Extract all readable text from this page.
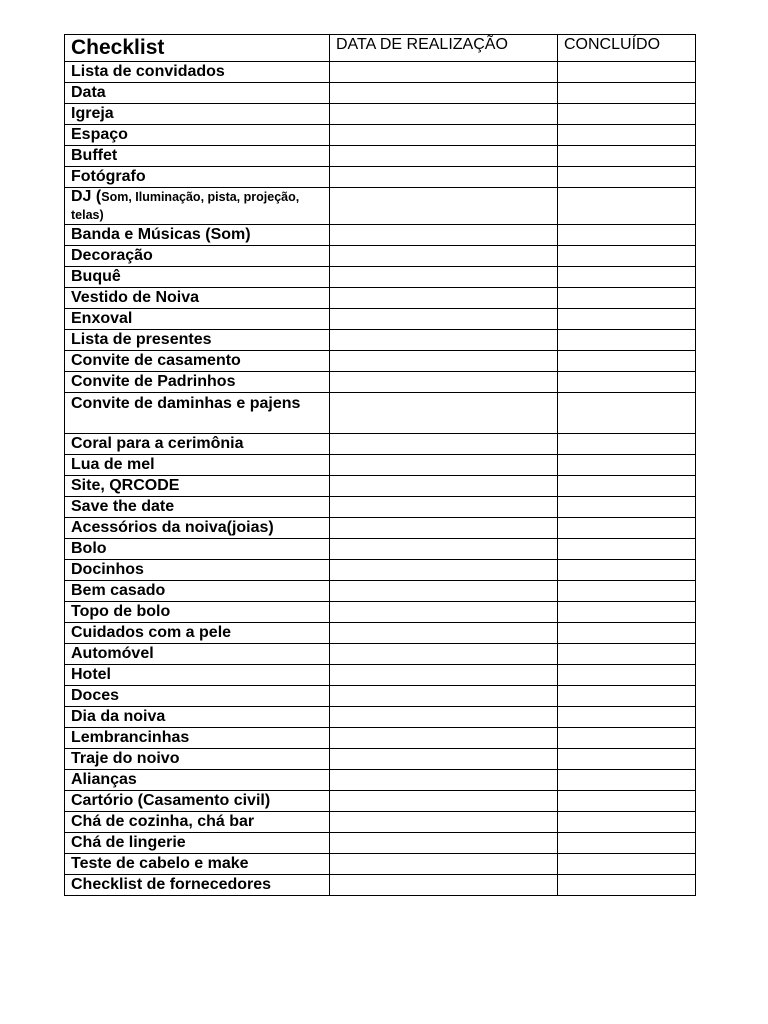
Checklist	DATA DE REALIZAÇÃO	CONCLUÍDO
Lista de convidados		
Data		
Igreja		
Espaço		
Buffet		
Fotógrafo		
DJ (Som, Iluminação, pista, projeção, telas)		
Banda e Músicas (Som)		
Decoração		
Buquê		
Vestido de Noiva		
Enxoval		
Lista de presentes		
Convite de casamento		
Convite de Padrinhos		
Convite de daminhas e pajens		
Coral para a cerimônia		
Lua de mel		
Site, QRCODE		
Save the date		
Acessórios da noiva(joias)		
Bolo		
Docinhos		
Bem casado		
Topo de bolo		
Cuidados com a pele		
Automóvel		
Hotel		
Doces		
Dia da noiva		
Lembrancinhas		
Traje do noivo		
Alianças		
Cartório (Casamento civil)		
Chá de cozinha, chá bar		
Chá de lingerie		
Teste de cabelo e make		
Checklist de fornecedores		
